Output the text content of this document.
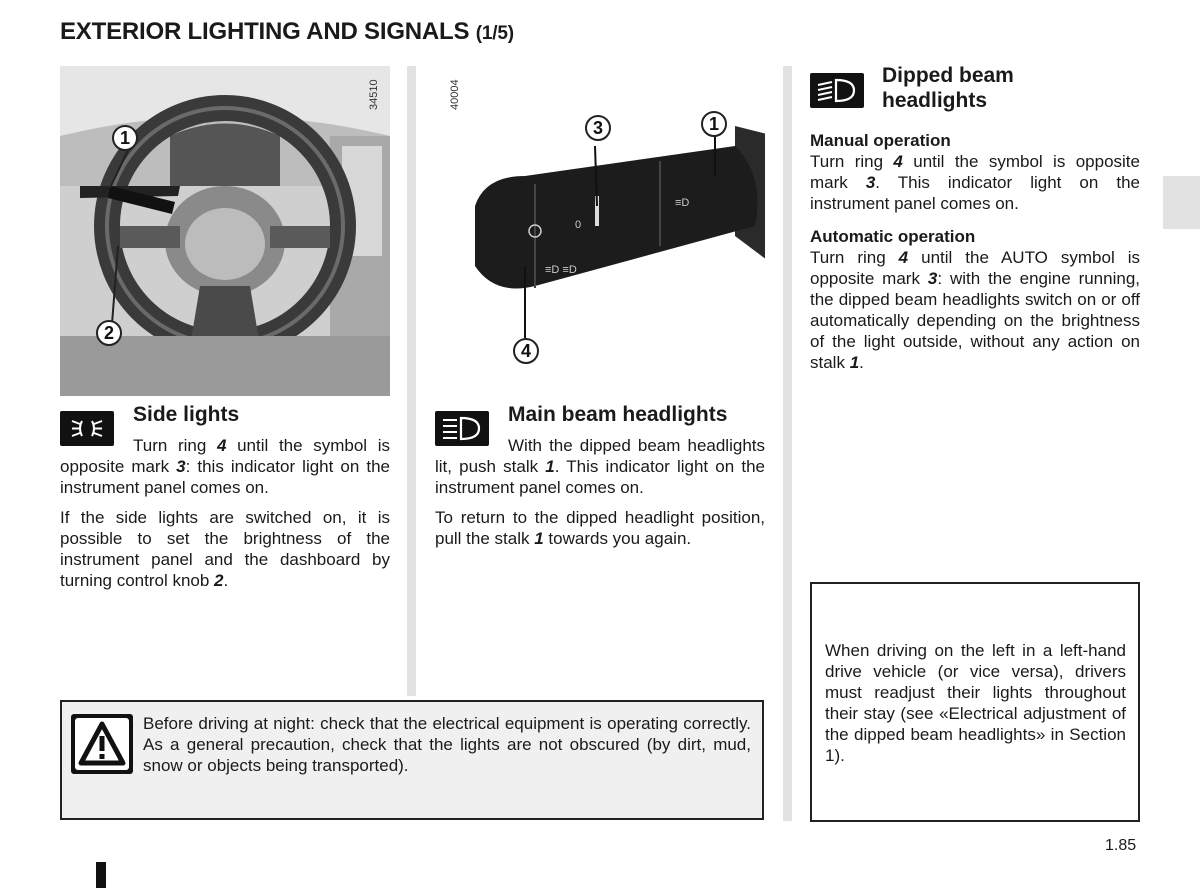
EXTERIOR LIGHTING AND SIGNALS (1/5)
1
2
34510
0
≡D ≡D
≡D
3	1
4
40004
Side lights

Turn ring 4 until the symbol is opposite mark 3: this indicator light on the instrument panel comes on.

If the side lights are switched on, it is possible to set the brightness of the instrument panel and the dashboard by turning control knob 2.

Main beam headlights

With the dipped beam headlights lit, push stalk 1. This indicator light on the instrument panel comes on.

To return to the dipped headlight position, pull the stalk 1 towards you again.

Dipped beam
headlights
Manual operation
Turn ring 4 until the symbol is opposite mark 3. This indicator light on the instrument panel comes on.
Automatic operation
Turn ring 4 until the AUTO symbol is opposite mark 3: with the engine running, the dipped beam headlights switch on or off automatically depending on the brightness of the light outside, without any action on stalk 1.
Before driving at night: check that the electrical equipment is operating correctly. As a general precaution, check that the lights are not obscured (by dirt, mud, snow or objects being transported).
When driving on the left in a left-hand drive vehicle (or vice versa), drivers must readjust their lights throughout their stay (see «Electrical adjustment of the dipped beam headlights» in Section 1).
1.85
